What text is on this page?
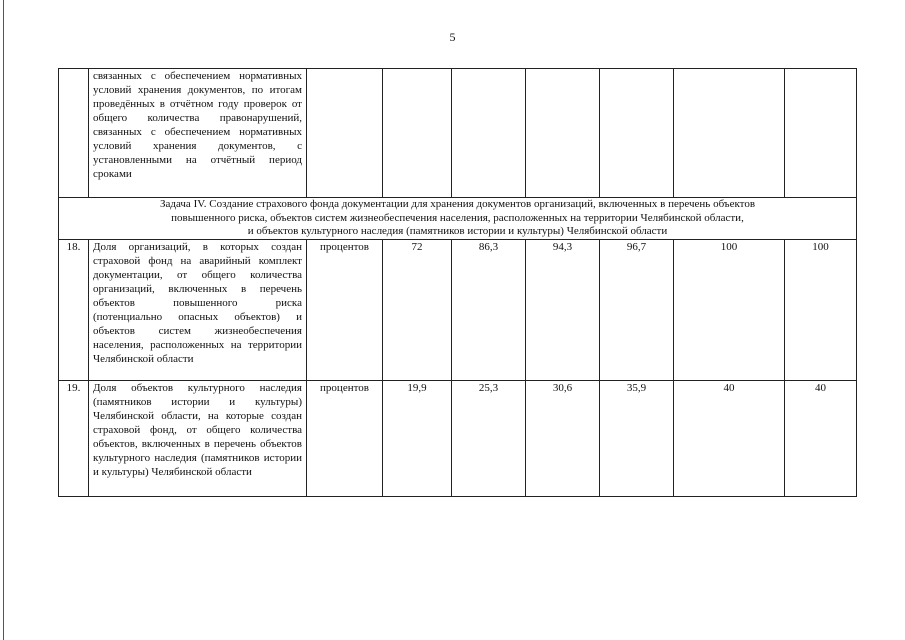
5
	связанных с обеспечением нормативных условий хранения документов, по итогам проведённых в отчётном году проверок от общего количества правонарушений, связанных с обеспечением нормативных условий хранения документов, с установленными на отчётный период сроками							

Задача IV. Создание страхового фонда документации для хранения документов организаций, включенных в перечень объектов
повышенного риска, объектов систем жизнеобеспечения населения, расположенных на территории Челябинской области,
и объектов культурного наследия (памятников истории и культуры) Челябинской области								

18.	Доля организаций, в которых создан страховой фонд на аварийный комплект документации, от общего количества организаций, включенных в перечень объектов повышенного риска (потенциально опасных объектов) и объектов систем жизнеобеспечения населения, расположенных на территории Челябинской области	процентов	72	86,3	94,3	96,7	100	100
19.	Доля объектов культурного наследия (памятников истории и культуры) Челябинской области, на которые создан страховой фонд, от общего количества объектов, включенных в перечень объектов культурного наследия (памятников истории и культуры) Челябинской области	процентов	19,9	25,3	30,6	35,9	40	40
